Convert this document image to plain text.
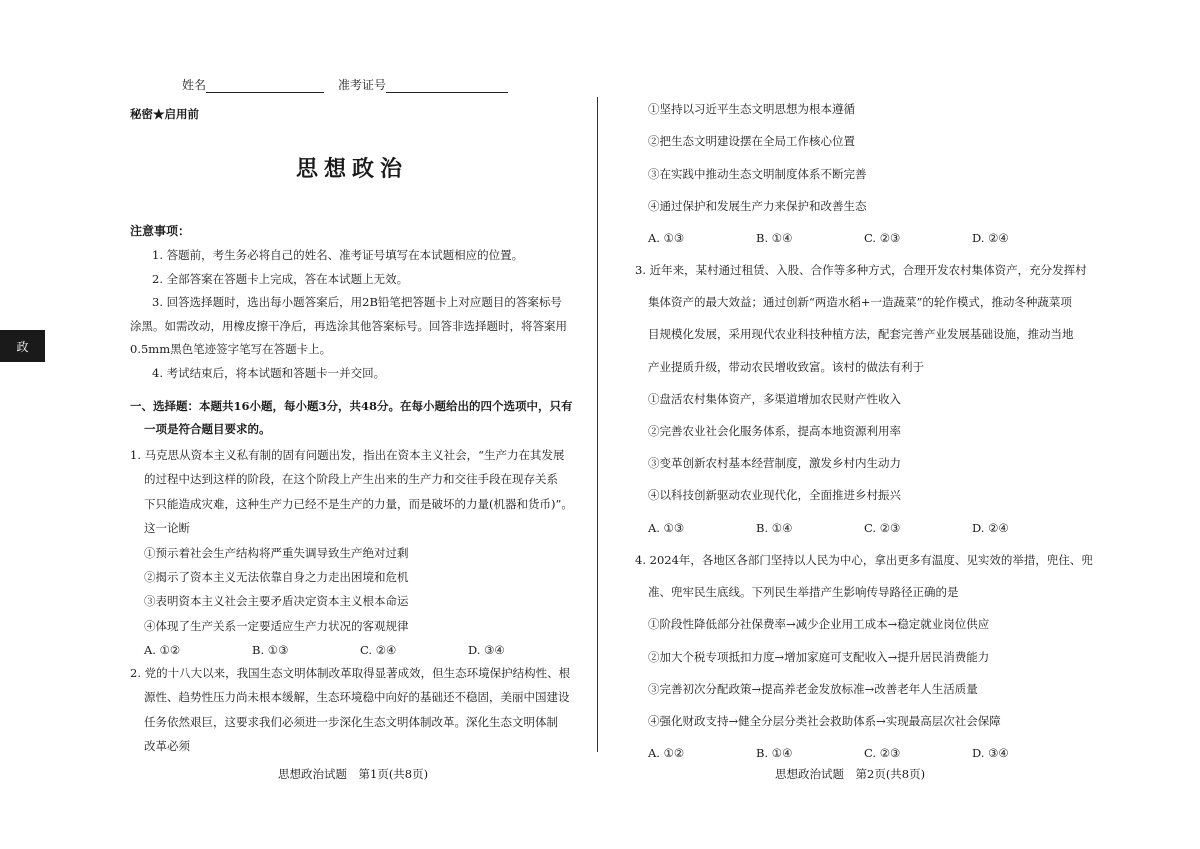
政
姓名	准考证号
秘密★启用前
思想政治
注意事项：

1. 答题前，考生务必将自己的姓名、准考证号填写在本试题相应的位置。

2. 全部答案在答题卡上完成，答在本试题上无效。

3. 回答选择题时，选出每小题答案后，用2B铅笔把答题卡上对应题目的答案标号

涂黑。如需改动，用橡皮擦干净后，再选涂其他答案标号。回答非选择题时，将答案用

0.5mm黑色笔迹签字笔写在答题卡上。

4. 考试结束后，将本试题和答题卡一并交回。

一、选择题：本题共16小题，每小题3分，共48分。在每小题给出的四个选项中，只有

一项是符合题目要求的。

1. 马克思从资本主义私有制的固有问题出发，指出在资本主义社会，“生产力在其发展

的过程中达到这样的阶段，在这个阶段上产生出来的生产力和交往手段在现存关系

下只能造成灾难，这种生产力已经不是生产的力量，而是破坏的力量(机器和货币)”。

这一论断

①预示着社会生产结构将严重失调导致生产绝对过剩

②揭示了资本主义无法依靠自身之力走出困境和危机

③表明资本主义社会主要矛盾决定资本主义根本命运

④体现了生产关系一定要适应生产力状况的客观规律

A. ①②	B. ①③	C. ②④	D. ③④

2. 党的十八大以来，我国生态文明体制改革取得显著成效，但生态环境保护结构性、根

源性、趋势性压力尚未根本缓解，生态环境稳中向好的基础还不稳固，美丽中国建设

任务依然艰巨，这要求我们必须进一步深化生态文明体制改革。深化生态文明体制

改革必须

思想政治试题　第1页(共8页)

①坚持以习近平生态文明思想为根本遵循

②把生态文明建设摆在全局工作核心位置

③在实践中推动生态文明制度体系不断完善

④通过保护和发展生产力来保护和改善生态

A. ①③	B. ①④	C. ②③	D. ②④

3. 近年来，某村通过租赁、入股、合作等多种方式，合理开发农村集体资产，充分发挥村

集体资产的最大效益；通过创新“两造水稻+一造蔬菜”的轮作模式，推动冬种蔬菜项

目规模化发展，采用现代农业科技种植方法，配套完善产业发展基础设施，推动当地

产业提质升级，带动农民增收致富。该村的做法有利于

①盘活农村集体资产，多渠道增加农民财产性收入

②完善农业社会化服务体系，提高本地资源利用率

③变革创新农村基本经营制度，激发乡村内生动力

④以科技创新驱动农业现代化，全面推进乡村振兴

A. ①③	B. ①④	C. ②③	D. ②④

4. 2024年，各地区各部门坚持以人民为中心，拿出更多有温度、见实效的举措，兜住、兜

准、兜牢民生底线。下列民生举措产生影响传导路径正确的是

①阶段性降低部分社保费率→减少企业用工成本→稳定就业岗位供应

②加大个税专项抵扣力度→增加家庭可支配收入→提升居民消费能力

③完善初次分配政策→提高养老金发放标准→改善老年人生活质量

④强化财政支持→健全分层分类社会救助体系→实现最高层次社会保障

A. ①②	B. ①④	C. ②③	D. ③④

思想政治试题　第2页(共8页)
